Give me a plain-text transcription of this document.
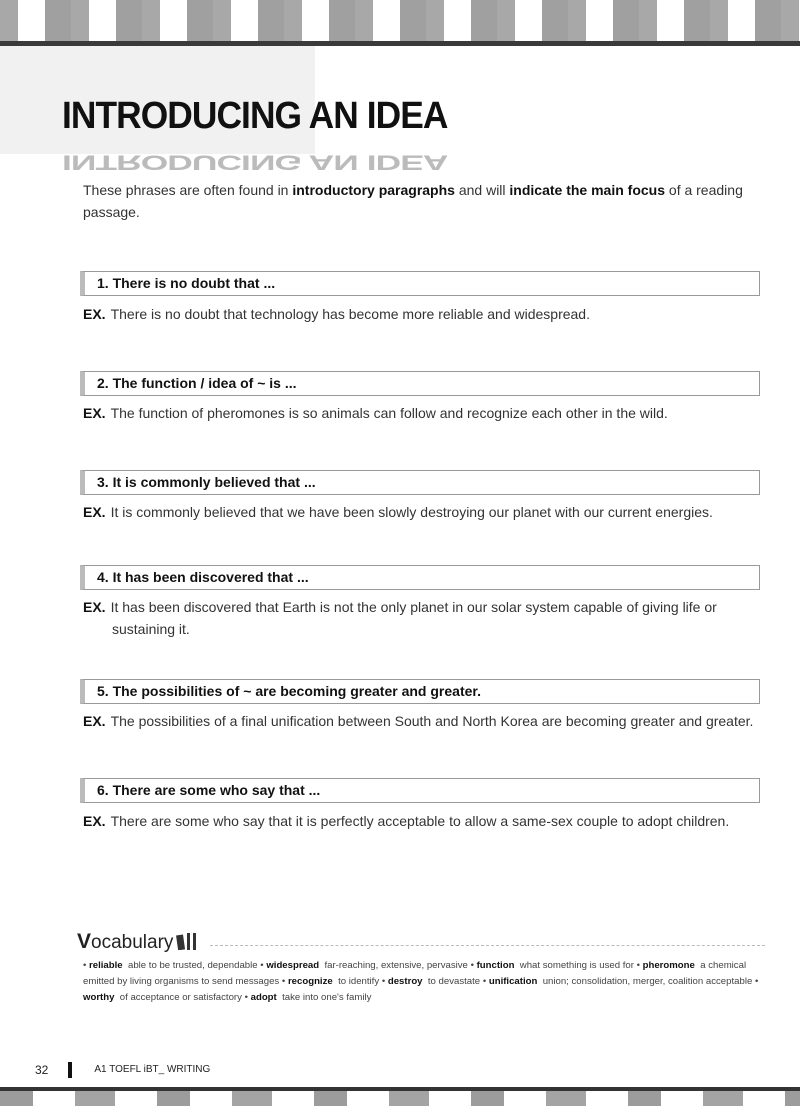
INTRODUCING AN IDEA
INTRODUCING AN IDEA

These phrases are often found in introductory paragraphs and will indicate the main focus of a reading passage.

1. There is no doubt that ...

EX. There is no doubt that technology has become more reliable and widespread.

2. The function / idea of ~ is ...

EX. The function of pheromones is so animals can follow and recognize each other in the wild.

3. It is commonly believed that ...

EX. It is commonly believed that we have been slowly destroying our planet with our current energies.

4. It has been discovered that ...

EX. It has been discovered that Earth is not the only planet in our solar system capable of giving life or sustaining it.

5. The possibilities of ~ are becoming greater and greater.

EX. The possibilities of a final unification between South and North Korea are becoming greater and greater.

6. There are some who say that ...

EX. There are some who say that it is perfectly acceptable to allow a same-sex couple to adopt children.

Vocabulary

• reliable able to be trusted, dependable • widespread far-reaching, extensive, pervasive • function what something is used for • pheromone a chemical emitted by living organisms to send messages • recognize to identify • destroy to devastate • unification union; consolidation, merger, coalition acceptable • worthy of acceptance or satisfactory • adopt take into one's family

32	A1 TOEFL iBT_ WRITING
